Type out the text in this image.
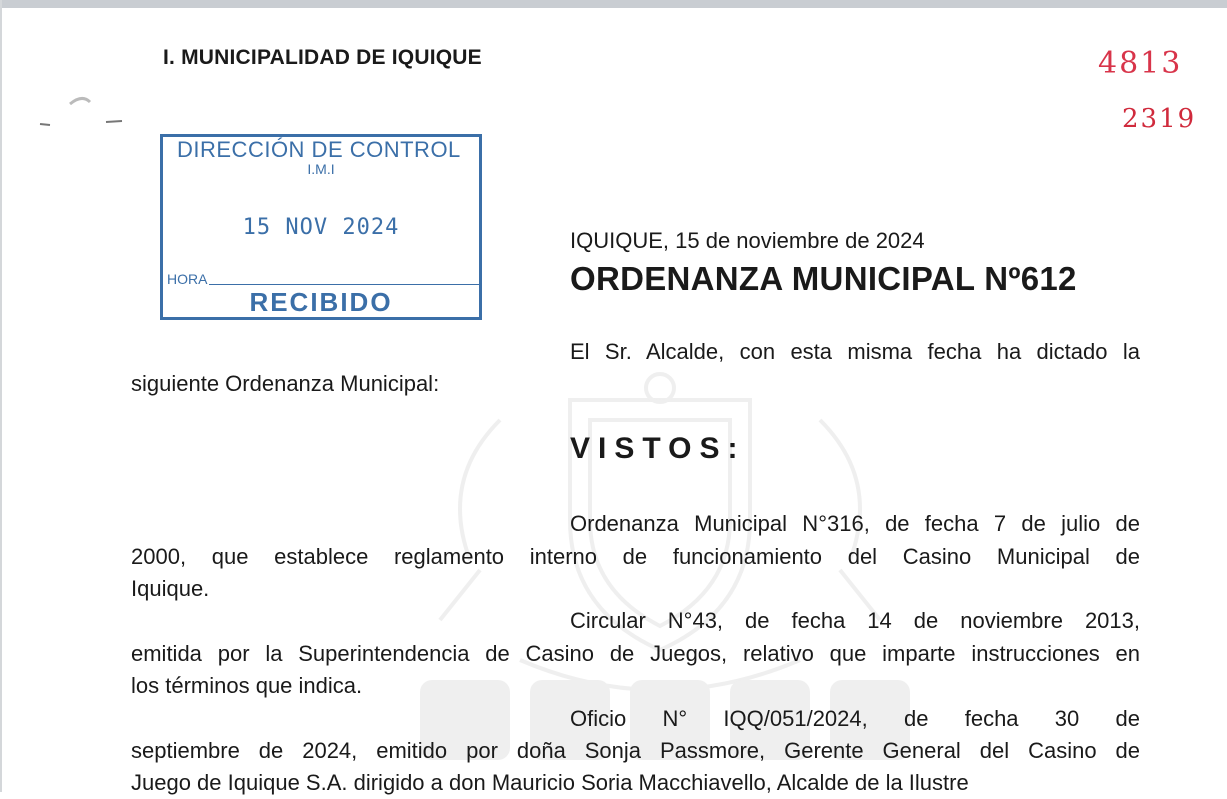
I. MUNICIPALIDAD DE IQUIQUE	4813
2319
DIRECCIÓN DE CONTROL
I.M.I
15 NOV 2024
HORA
RECIBIDO
IQUIQUE, 15 de noviembre de 2024
ORDENANZA MUNICIPAL Nº612
El Sr. Alcalde, con esta misma fecha ha dictado la
siguiente Ordenanza Municipal:
VISTOS:
Ordenanza Municipal N°316, de fecha 7 de julio de
2000, que establece reglamento interno de funcionamiento del Casino Municipal de
Iquique.
Circular N°43, de fecha 14 de noviembre 2013,
emitida por la Superintendencia de Casino de Juegos, relativo que imparte instrucciones en
los términos que indica.
Oficio N° IQQ/051/2024, de fecha 30 de
septiembre de 2024, emitido por doña Sonja Passmore, Gerente General del Casino de
Juego de Iquique S.A. dirigido a don Mauricio Soria Macchiavello, Alcalde de la Ilustre
